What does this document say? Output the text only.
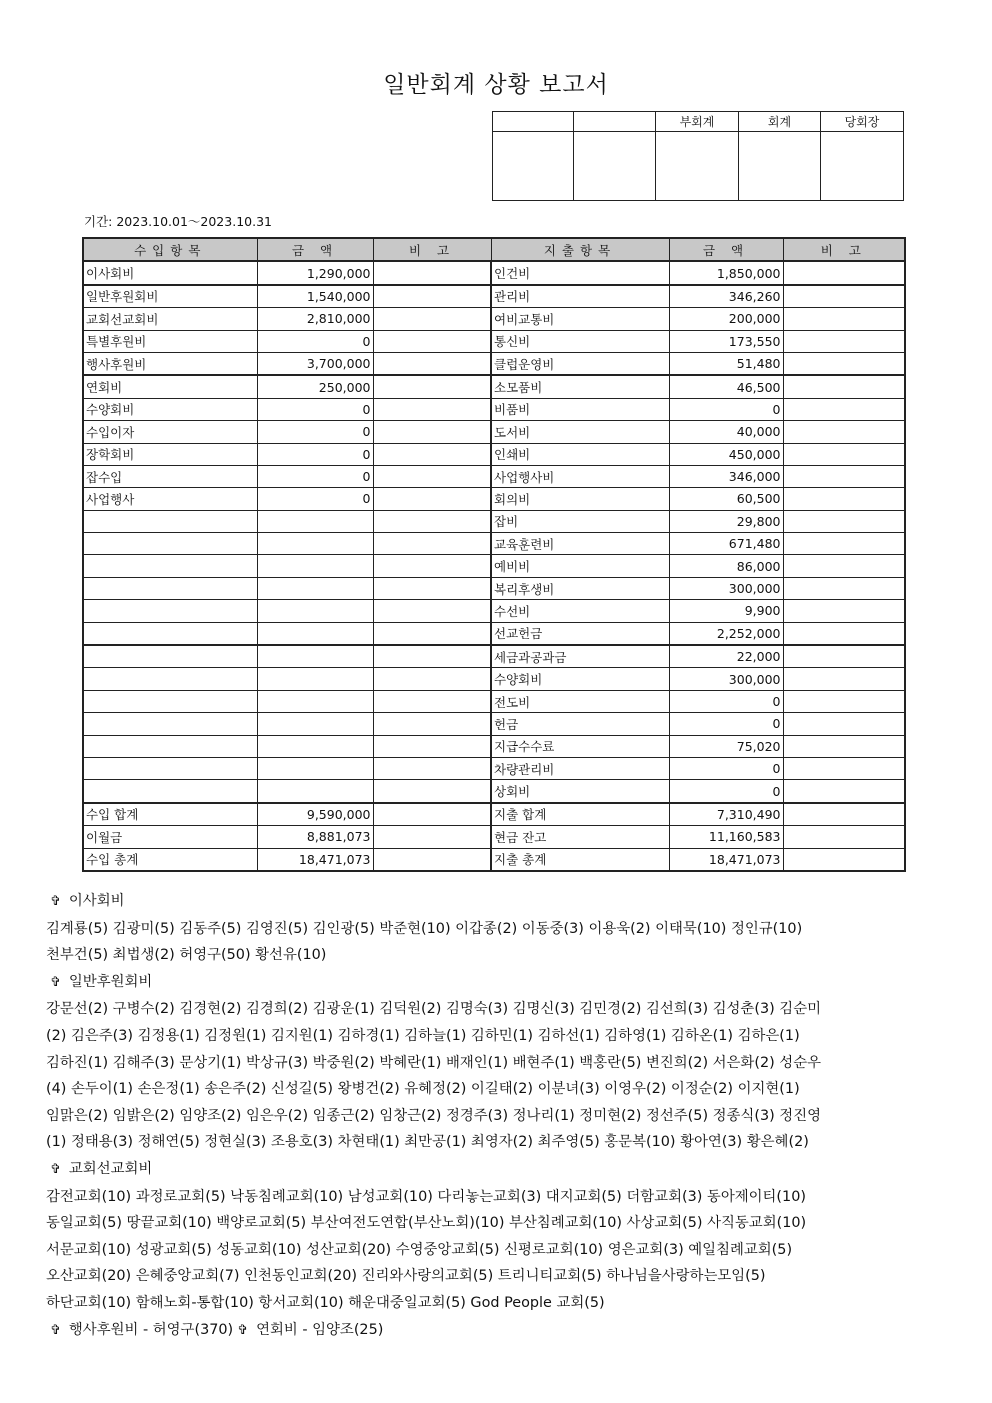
일반회계 상황 보고서
		부회계	회계	당회장

기간: 2023.10.01～2023.10.31
수입항목	금 액	비 고	지출항목	금 액	비 고
이사회비	1,290,000		인건비	1,850,000	
일반후원회비	1,540,000		관리비	346,260	
교회선교회비	2,810,000		여비교통비	200,000	
특별후원비	0		통신비	173,550	
행사후원비	3,700,000		클럽운영비	51,480	
연회비	250,000		소모품비	46,500	
수양회비	0		비품비	0	
수입이자	0		도서비	40,000	
장학회비	0		인쇄비	450,000	
잡수입	0		사업행사비	346,000	
사업행사	0		회의비	60,500	
			잡비	29,800	
			교육훈련비	671,480	
			예비비	86,000	
			복리후생비	300,000	
			수선비	9,900	
			선교헌금	2,252,000	
			세금과공과금	22,000	
			수양회비	300,000	
			전도비	0	
			헌금	0	
			지급수수료	75,020	
			차량관리비	0	
			상회비	0	
수입 합계	9,590,000		지출 합계	7,310,490	
이월금	8,881,073		현금 잔고	11,160,583	
수입 총계	18,471,073		지출 총계	18,471,073	

✞ 이사회비

김계룡(5) 김광미(5) 김동주(5) 김영진(5) 김인광(5) 박준현(10) 이갑종(2) 이동중(3) 이용욱(2) 이태묵(10) 정인규(10)

천부건(5) 최법생(2) 허영구(50) 황선유(10)

✞ 일반후원회비

강문선(2) 구병수(2) 김경현(2) 김경희(2) 김광운(1) 김덕원(2) 김명숙(3) 김명신(3) 김민경(2) 김선희(3) 김성춘(3) 김순미

(2) 김은주(3) 김정용(1) 김정원(1) 김지원(1) 김하경(1) 김하늘(1) 김하민(1) 김하선(1) 김하영(1) 김하온(1) 김하은(1)

김하진(1) 김해주(3) 문상기(1) 박상규(3) 박중원(2) 박혜란(1) 배재인(1) 배현주(1) 백홍란(5) 변진희(2) 서은화(2) 성순우

(4) 손두이(1) 손은정(1) 송은주(2) 신성길(5) 왕병건(2) 유혜정(2) 이길태(2) 이분녀(3) 이영우(2) 이정순(2) 이지현(1)

임맑은(2) 임밝은(2) 임양조(2) 임은우(2) 임종근(2) 임창근(2) 정경주(3) 정나리(1) 정미현(2) 정선주(5) 정종식(3) 정진영

(1) 정태용(3) 정해연(5) 정현실(3) 조용호(3) 차현태(1) 최만공(1) 최영자(2) 최주영(5) 홍문복(10) 황아연(3) 황은혜(2)

✞ 교회선교회비

감전교회(10) 과정로교회(5) 낙동침례교회(10) 남성교회(10) 다리놓는교회(3) 대지교회(5) 더함교회(3) 동아제이티(10)

동일교회(5) 땅끝교회(10) 백양로교회(5) 부산여전도연합(부산노회)(10) 부산침례교회(10) 사상교회(5) 사직동교회(10)

서문교회(10) 성광교회(5) 성동교회(10) 성산교회(20) 수영중앙교회(5) 신평로교회(10) 영은교회(3) 예일침례교회(5)

오산교회(20) 은혜중앙교회(7) 인천동인교회(20) 진리와사랑의교회(5) 트리니티교회(5) 하나님을사랑하는모임(5)

하단교회(10) 함해노회-통합(10) 항서교회(10) 해운대중일교회(5) God People 교회(5)

✞ 행사후원비 - 허영구(370) ✞ 연회비 - 임양조(25)
